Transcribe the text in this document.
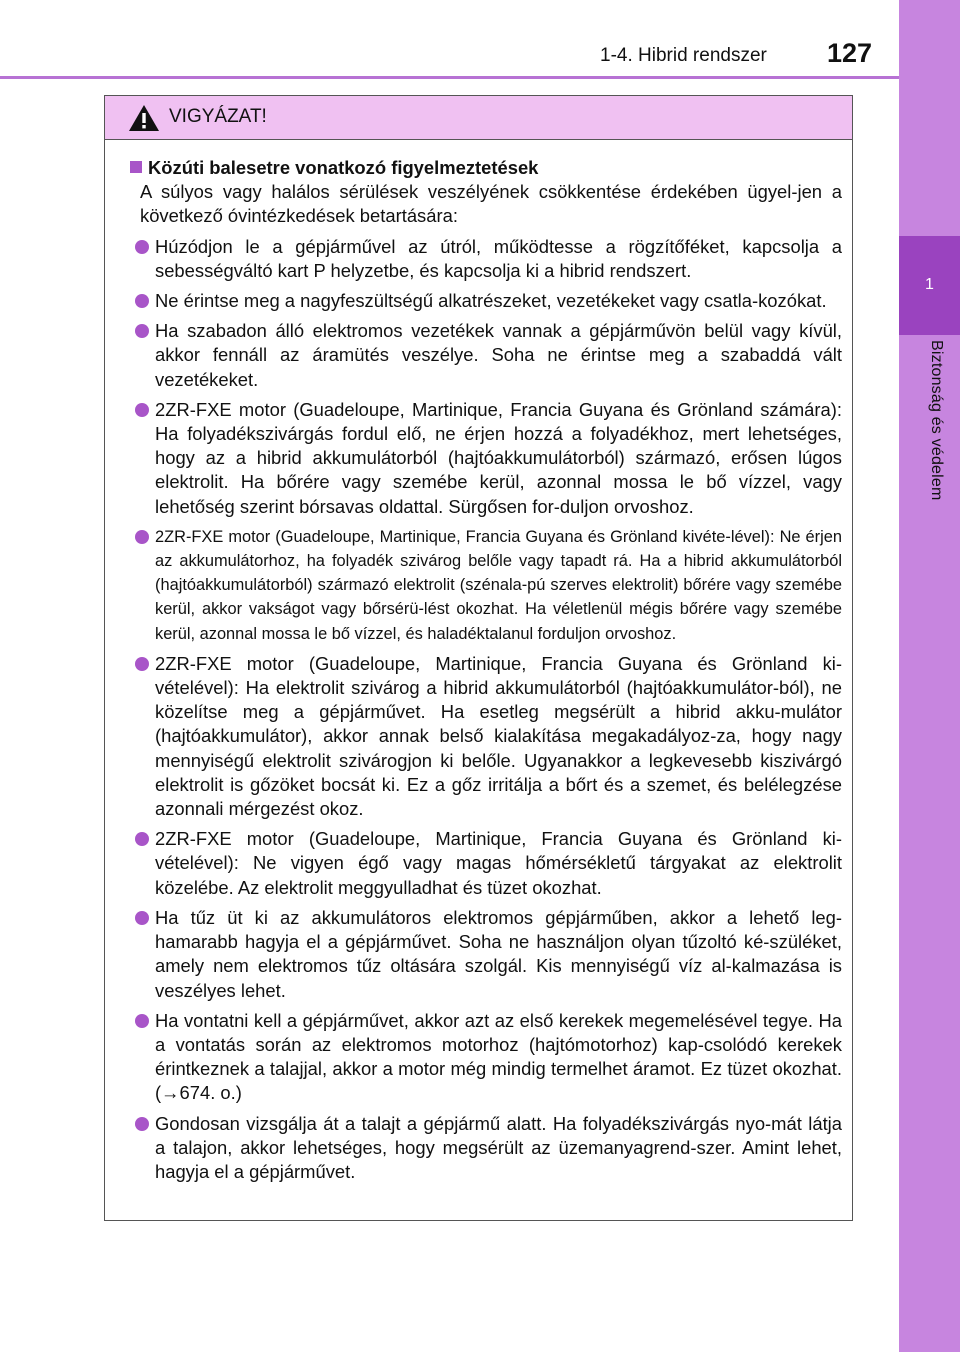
1-4. Hibrid rendszer 127
1
Biztonság és védelem
VIGYÁZAT!
Közúti balesetre vonatkozó figyelmeztetések
A súlyos vagy halálos sérülések veszélyének csökkentése érdekében ügyel-jen a következő óvintézkedések betartására:
Húzódjon le a gépjárművel az útról, működtesse a rögzítőféket, kapcsolja a sebességváltó kart P helyzetbe, és kapcsolja ki a hibrid rendszert.
Ne érintse meg a nagyfeszültségű alkatrészeket, vezetékeket vagy csatla-kozókat.
Ha szabadon álló elektromos vezetékek vannak a gépjárművön belül vagy kívül, akkor fennáll az áramütés veszélye. Soha ne érintse meg a szabaddá vált vezetékeket.
2ZR-FXE motor (Guadeloupe, Martinique, Francia Guyana és Grönland számára): Ha folyadékszivárgás fordul elő, ne érjen hozzá a folyadékhoz, mert lehetséges, hogy az a hibrid akkumulátorból (hajtóakkumulátorból) származó, erősen lúgos elektrolit. Ha bőrére vagy szemébe kerül, azonnal mossa le bő vízzel, vagy lehetőség szerint bórsavas oldattal. Sürgősen for-duljon orvoshoz.
2ZR-FXE motor (Guadeloupe, Martinique, Francia Guyana és Grönland kivéte-lével): Ne érjen az akkumulátorhoz, ha folyadék szivárog belőle vagy tapadt rá. Ha a hibrid akkumulátorból (hajtóakkumulátorból) származó elektrolit (szénala-pú szerves elektrolit) bőrére vagy szemébe kerül, akkor vakságot vagy bőrsérü-lést okozhat. Ha véletlenül mégis bőrére vagy szemébe kerül, azonnal mossa le bő vízzel, és haladéktalanul forduljon orvoshoz.
2ZR-FXE motor (Guadeloupe, Martinique, Francia Guyana és Grönland ki-vételével): Ha elektrolit szivárog a hibrid akkumulátorból (hajtóakkumulátor-ból), ne közelítse meg a gépjárművet. Ha esetleg megsérült a hibrid akku-mulátor (hajtóakkumulátor), akkor annak belső kialakítása megakadályoz-za, hogy nagy mennyiségű elektrolit szivárogjon ki belőle. Ugyanakkor a legkevesebb kiszivárgó elektrolit is gőzöket bocsát ki. Ez a gőz irritálja a bőrt és a szemet, és belélegzése azonnali mérgezést okoz.
2ZR-FXE motor (Guadeloupe, Martinique, Francia Guyana és Grönland ki-vételével): Ne vigyen égő vagy magas hőmérsékletű tárgyakat az elektrolit közelébe. Az elektrolit meggyulladhat és tüzet okozhat.
Ha tűz üt ki az akkumulátoros elektromos gépjárműben, akkor a lehető leg-hamarabb hagyja el a gépjárművet. Soha ne használjon olyan tűzoltó ké-szüléket, amely nem elektromos tűz oltására szolgál. Kis mennyiségű víz al-kalmazása is veszélyes lehet.
Ha vontatni kell a gépjárművet, akkor azt az első kerekek megemelésével tegye. Ha a vontatás során az elektromos motorhoz (hajtómotorhoz) kap-csolódó kerekek érintkeznek a talajjal, akkor a motor még mindig termelhet áramot. Ez tüzet okozhat. (→674. o.)
Gondosan vizsgálja át a talajt a gépjármű alatt. Ha folyadékszivárgás nyo-mát látja a talajon, akkor lehetséges, hogy megsérült az üzemanyagrend-szer. Amint lehet, hagyja el a gépjárművet.
